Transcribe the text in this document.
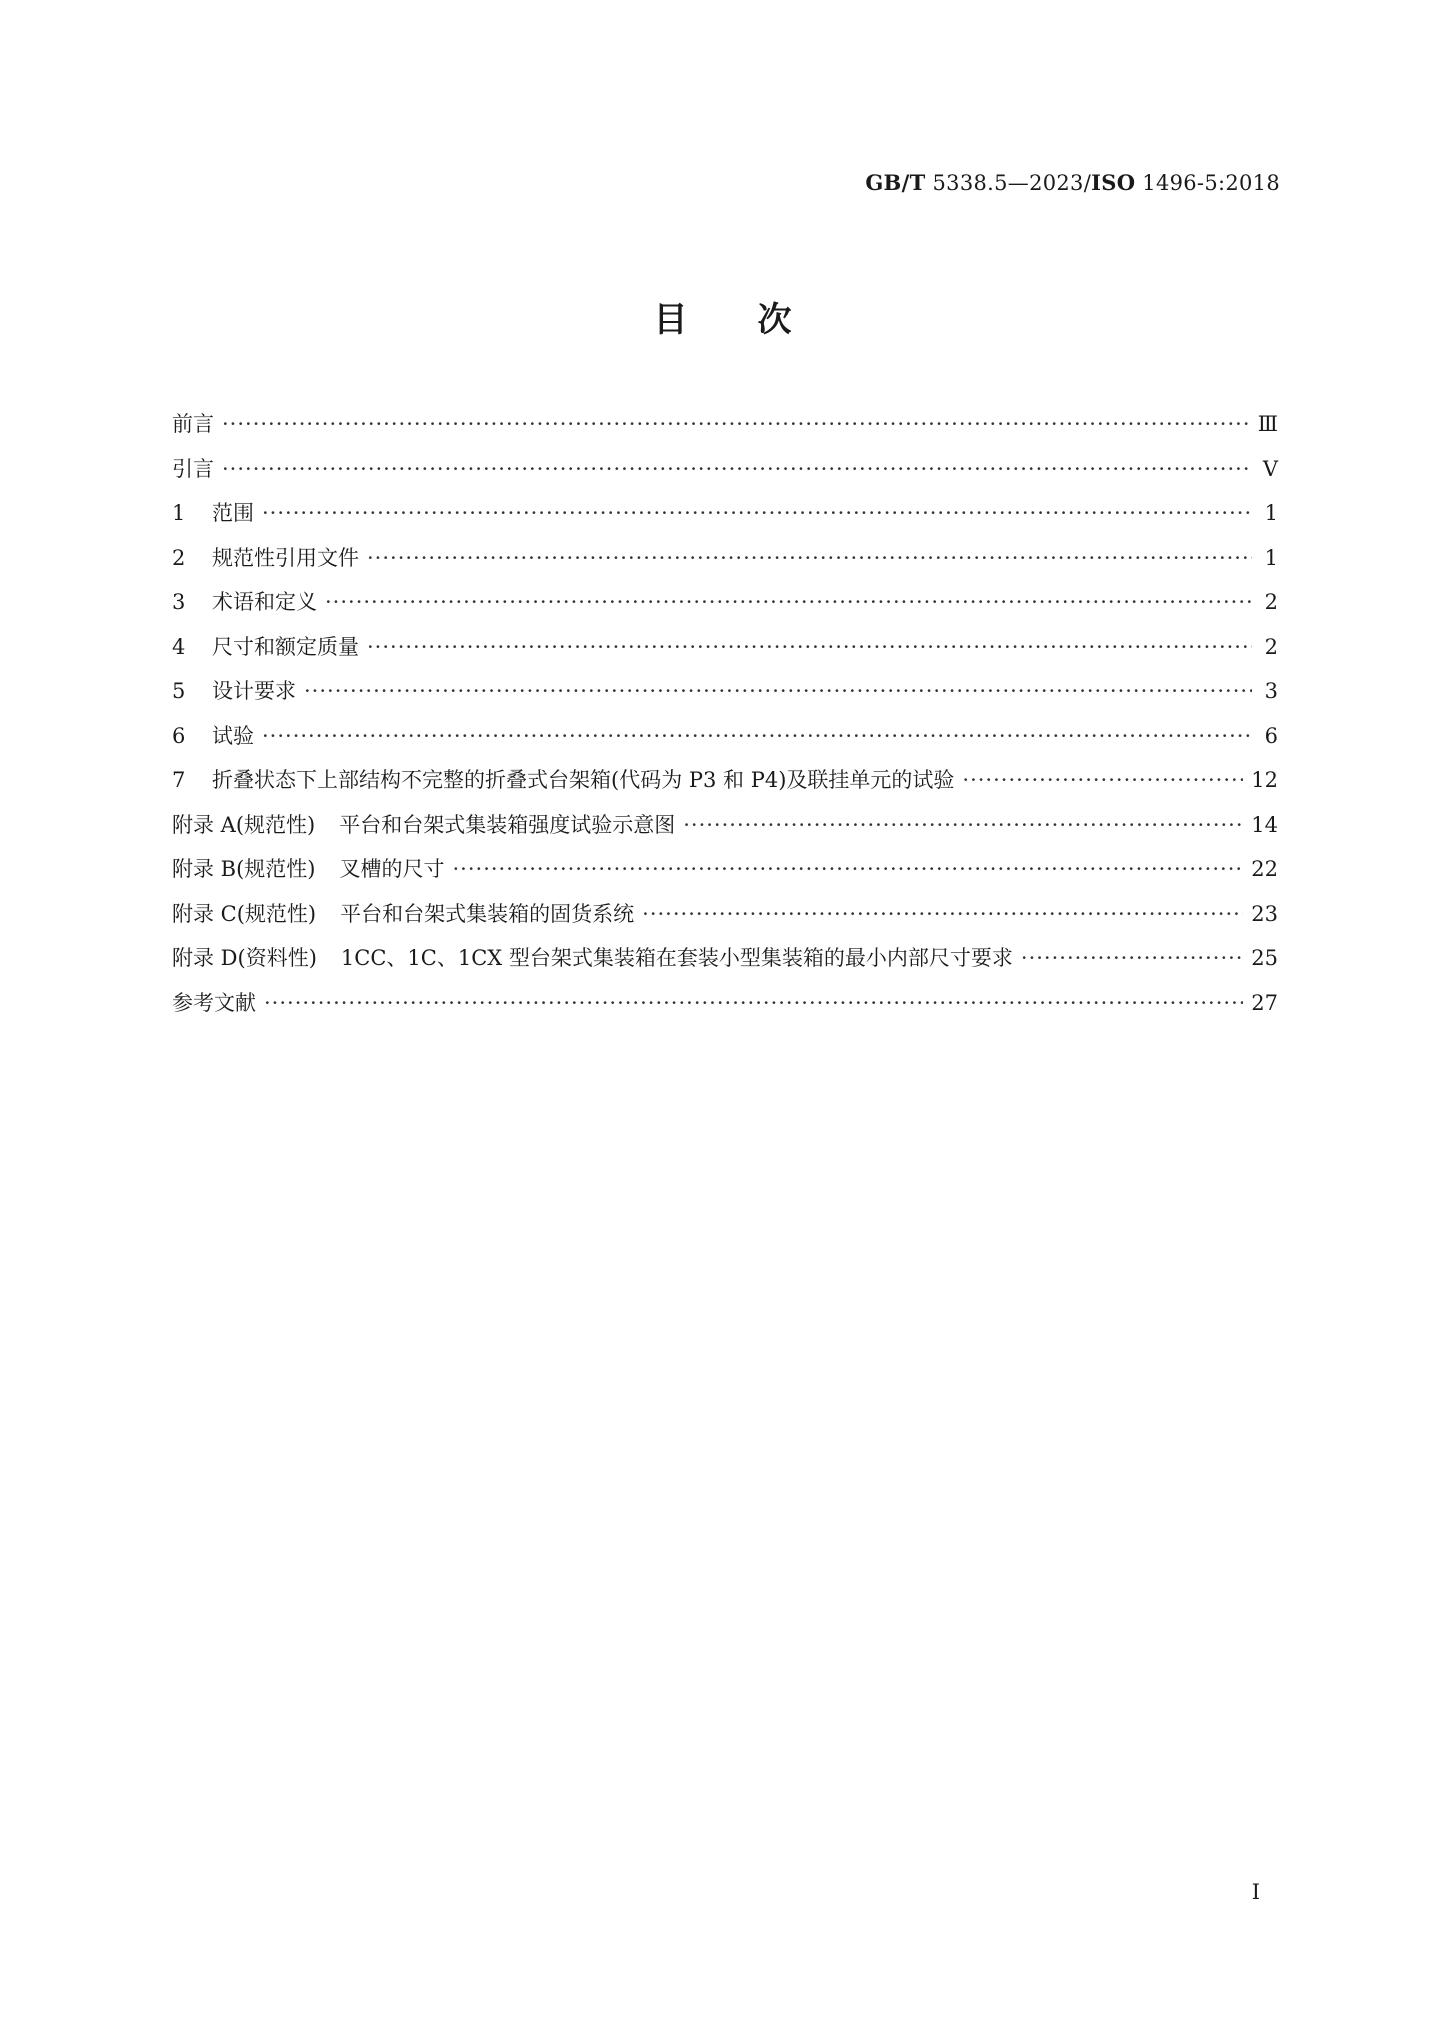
GB/T 5338.5—2023/ISO 1496-5:2018
目次
前言 ·····	Ⅲ
引言 ·····	Ⅴ
1	范围 ·····	1
2	规范性引用文件 ·····	1
3	术语和定义 ·····	2
4	尺寸和额定质量 ·····	2
5	设计要求 ·····	3
6	试验 ·····	6
7	折叠状态下上部结构不完整的折叠式台架箱(代码为 P3 和 P4)及联挂单元的试验 ·····	12
附录 A(规范性) 平台和台架式集装箱强度试验示意图 ·····	14
附录 B(规范性) 叉槽的尺寸 ·····	22
附录 C(规范性) 平台和台架式集装箱的固货系统 ·····	23
附录 D(资料性) 1CC、1C、1CX 型台架式集装箱在套装小型集装箱的最小内部尺寸要求 ·····	25
参考文献 ·····	27
I
